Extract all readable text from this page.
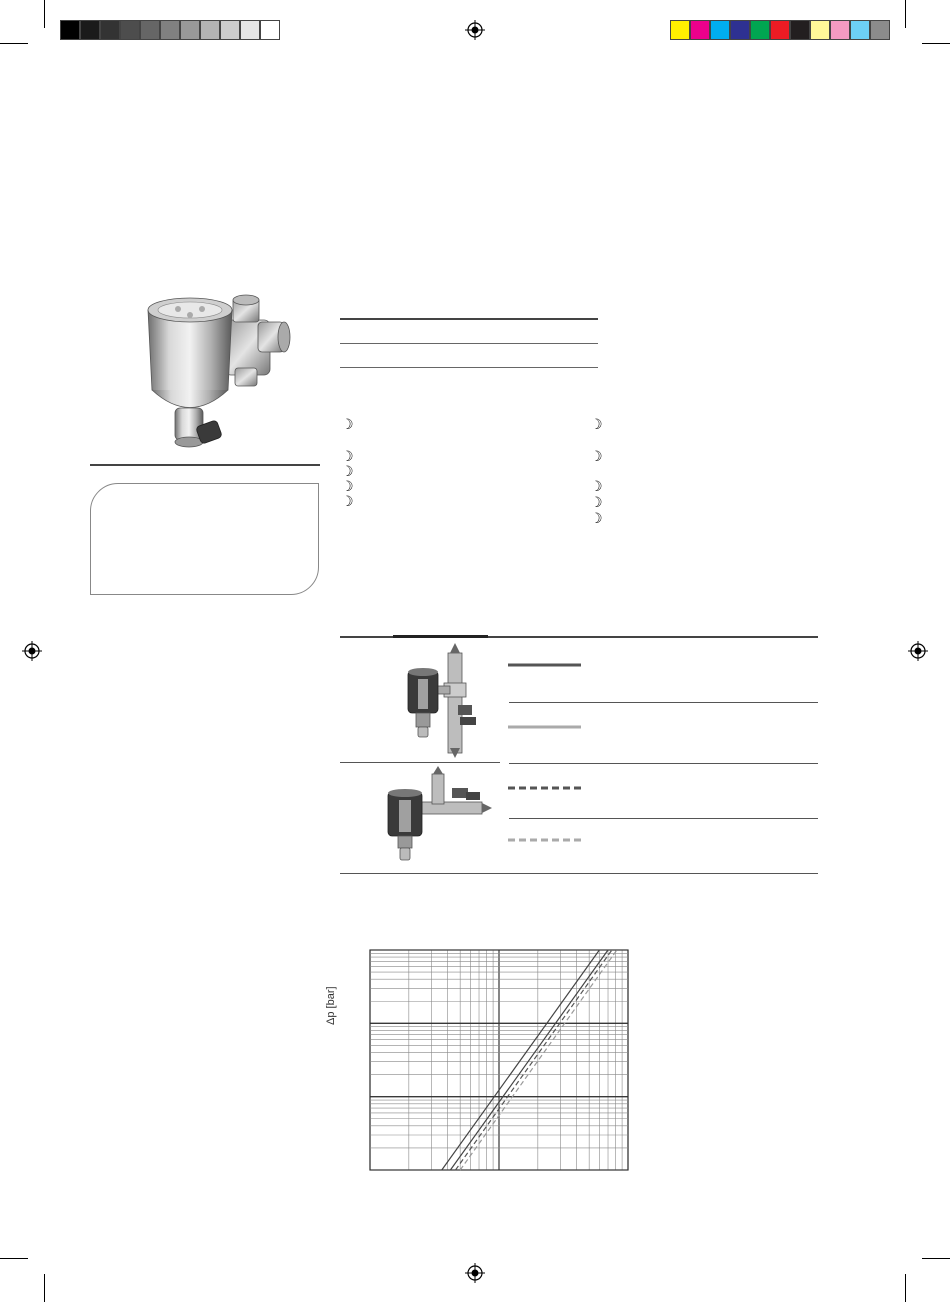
☽
☽
☽
☽
☽
☽
☽
☽
☽
☽
Δp [bar]
